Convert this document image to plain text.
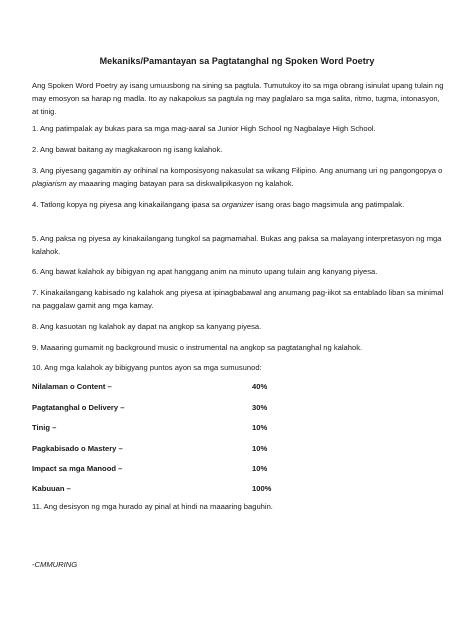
Mekaniks/Pamantayan sa Pagtatanghal ng Spoken Word Poetry

Ang Spoken Word Poetry ay isang umuusbong na sining sa pagtula. Tumutukoy ito sa mga obrang isinulat upang tulain ng may emosyon sa harap ng madla. Ito ay nakapokus sa pagtula ng may paglalaro sa mga salita, ritmo, tugma, intonasyon, at tinig.

1. Ang patimpalak ay bukas para sa mga mag-aaral sa Junior High School ng Nagbalaye High School.

2. Ang bawat baitang ay magkakaroon ng isang kalahok.

3. Ang piyesang gagamitin ay orihinal na komposisyong nakasulat sa wikang Filipino. Ang anumang uri ng pangongopya o plagiarism ay maaaring maging batayan para sa diskwalipikasyon ng kalahok.

4. Tatlong kopya ng piyesa ang kinakailangang ipasa sa organizer isang oras bago magsimula ang patimpalak.

5. Ang paksa ng piyesa ay kinakailangang tungkol sa pagmamahal. Bukas ang paksa sa malayang interpretasyon ng mga kalahok.

6. Ang bawat kalahok ay bibigyan ng apat hanggang anim na minuto upang tulain ang kanyang piyesa.

7. Kinakailangang kabisado ng kalahok ang piyesa at ipinagbabawal ang anumang pag-iikot sa entablado liban sa minimal na paggalaw gamit ang mga kamay.

8. Ang kasuotan ng kalahok ay dapat na angkop sa kanyang piyesa.

9. Maaaring gumamit ng background music o instrumental na angkop sa pagtatanghal ng kalahok.

10. Ang mga kalahok ay bibigyang puntos ayon sa mga sumusunod:

Nilalaman o Content –	40%
Pagtatanghal o Delivery –	30%
Tinig –	10%
Pagkabisado o Mastery –	10%
Impact sa mga Manood –	10%
Kabuuan –	100%

11. Ang desisyon ng mga hurado ay pinal at hindi na maaaring baguhin.

-CMMURING
